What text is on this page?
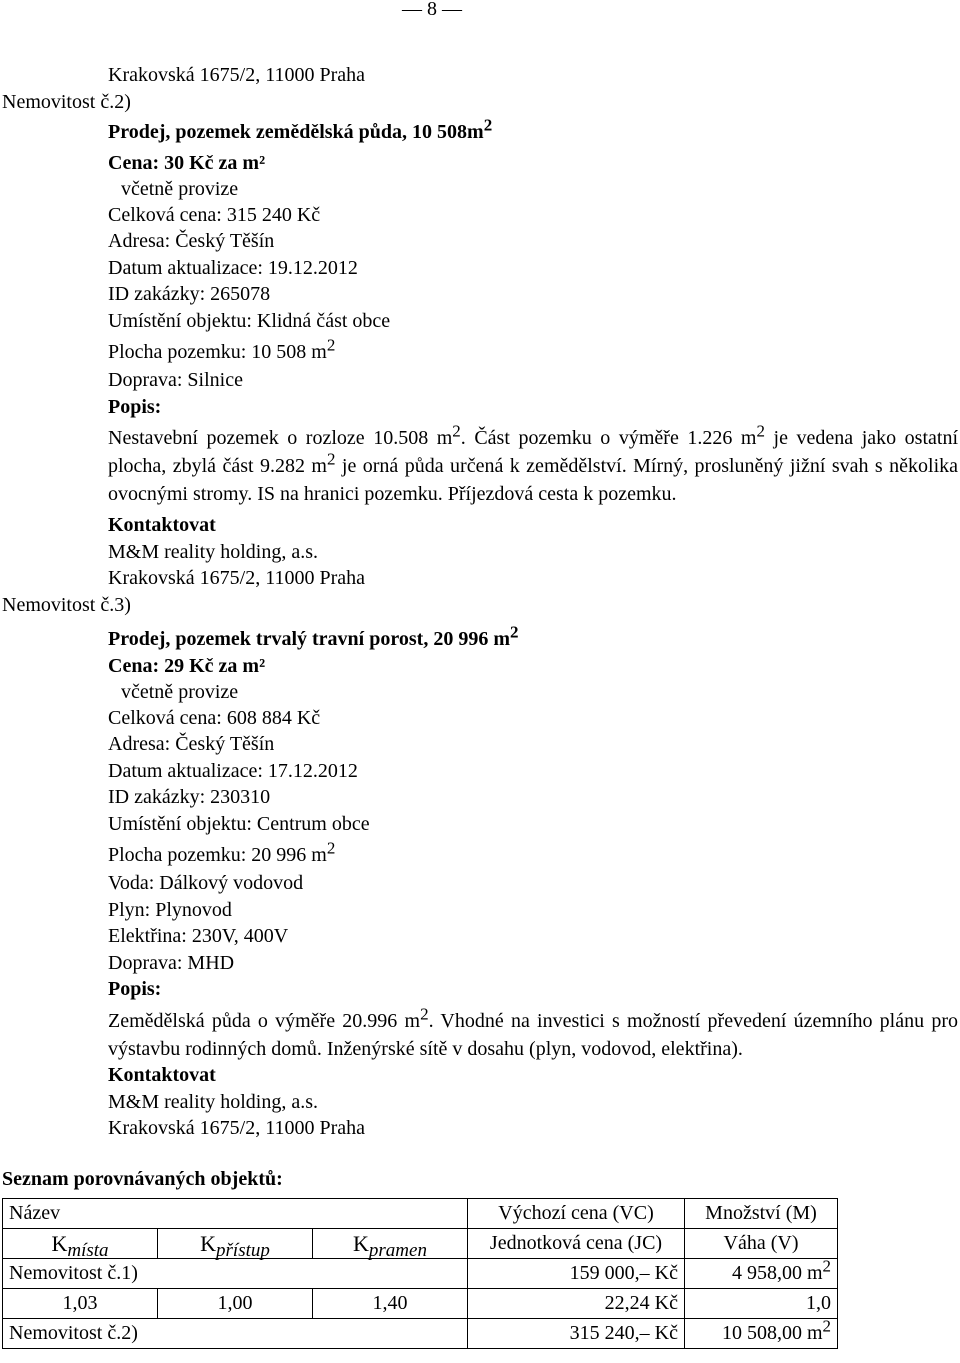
— 8 —
Krakovská 1675/2, 11000 Praha
Nemovitost č.2)
Prodej, pozemek zemědělská půda, 10 $508m^2$
Cena: 30 Kč za m²
včetně provize
Celková cena: 315 240 Kč
Adresa: Český Těšín
Datum aktualizace: 19.12.2012
ID zakázky: 265078
Umístění objektu: Klidná část obce
Plocha pozemku: 10 508 $m^2$
Doprava: Silnice
Popis:
Nestavební pozemek o rozloze 10.508 $m^2$. Část pozemku o výměře 1.226 $m^2$ je vedena jako ostatní plocha, zbylá část 9.282 $m^2$ je orná půda určená k zemědělství. Mírný, prosluněný jižní svah s několika ovocnými stromy. IS na hranici pozemku. Příjezdová cesta k pozemku.
Kontaktovat
M&M reality holding, a.s.
Krakovská 1675/2, 11000 Praha
Nemovitost č.3)
Prodej, pozemek trvalý travní porost, 20 996 $m^2$
Cena: 29 Kč za m²
včetně provize
Celková cena: 608 884 Kč
Adresa: Český Těšín
Datum aktualizace: 17.12.2012
ID zakázky: 230310
Umístění objektu: Centrum obce
Plocha pozemku: 20 996 $m^2$
Voda: Dálkový vodovod
Plyn: Plynovod
Elektřina: 230V, 400V
Doprava: MHD
Popis:
Zemědělská půda o výměře 20.996 $m^2$. Vhodné na investici s možností převedení územního plánu pro výstavbu rodinných domů. Inženýrské sítě v dosahu (plyn, vodovod, elektřina).
Kontaktovat
M&M reality holding, a.s.
Krakovská 1675/2, 11000 Praha
Seznam porovnávaných objektů:
Název			Výchozí cena (VC)	Množství (M)
Kmísta	Kpřístup	Kpramen	Jednotková cena (JC)	Váha (V)
Nemovitost č.1)			159 000,– Kč	4 958,00 $m^2$
1,03	1,00	1,40	22,24 Kč	1,0
Nemovitost č.2)			315 240,– Kč	10 508,00 $m^2$
